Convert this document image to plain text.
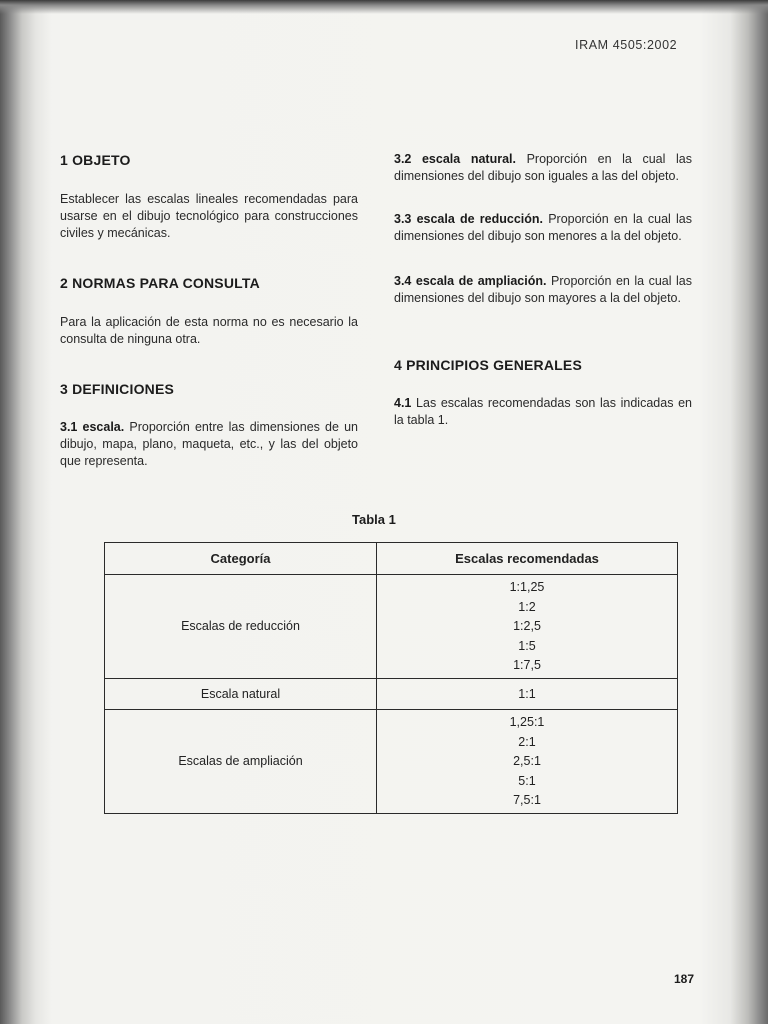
IRAM 4505:2002
1 OBJETO
Establecer las escalas lineales recomendadas para usarse en el dibujo tecnológico para construcciones civiles y mecánicas.
2 NORMAS PARA CONSULTA
Para la aplicación de esta norma no es necesario la consulta de ninguna otra.
3 DEFINICIONES
3.1 escala. Proporción entre las dimensiones de un dibujo, mapa, plano, maqueta, etc., y las del objeto que representa.
3.2 escala natural. Proporción en la cual las dimensiones del dibujo son iguales a las del objeto.
3.3 escala de reducción. Proporción en la cual las dimensiones del dibujo son menores a la del objeto.
3.4 escala de ampliación. Proporción en la cual las dimensiones del dibujo son mayores a la del objeto.
4 PRINCIPIOS GENERALES
4.1 Las escalas recomendadas son las indicadas en la tabla 1.
Tabla 1
Categoría	Escalas recomendadas
Escalas de reducción	1:1,25
1:2
1:2,5
1:5
1:7,5

Escala natural	1:1
Escalas de ampliación	1,25:1
2:1
2,5:1
5:1
7,5:1
187
